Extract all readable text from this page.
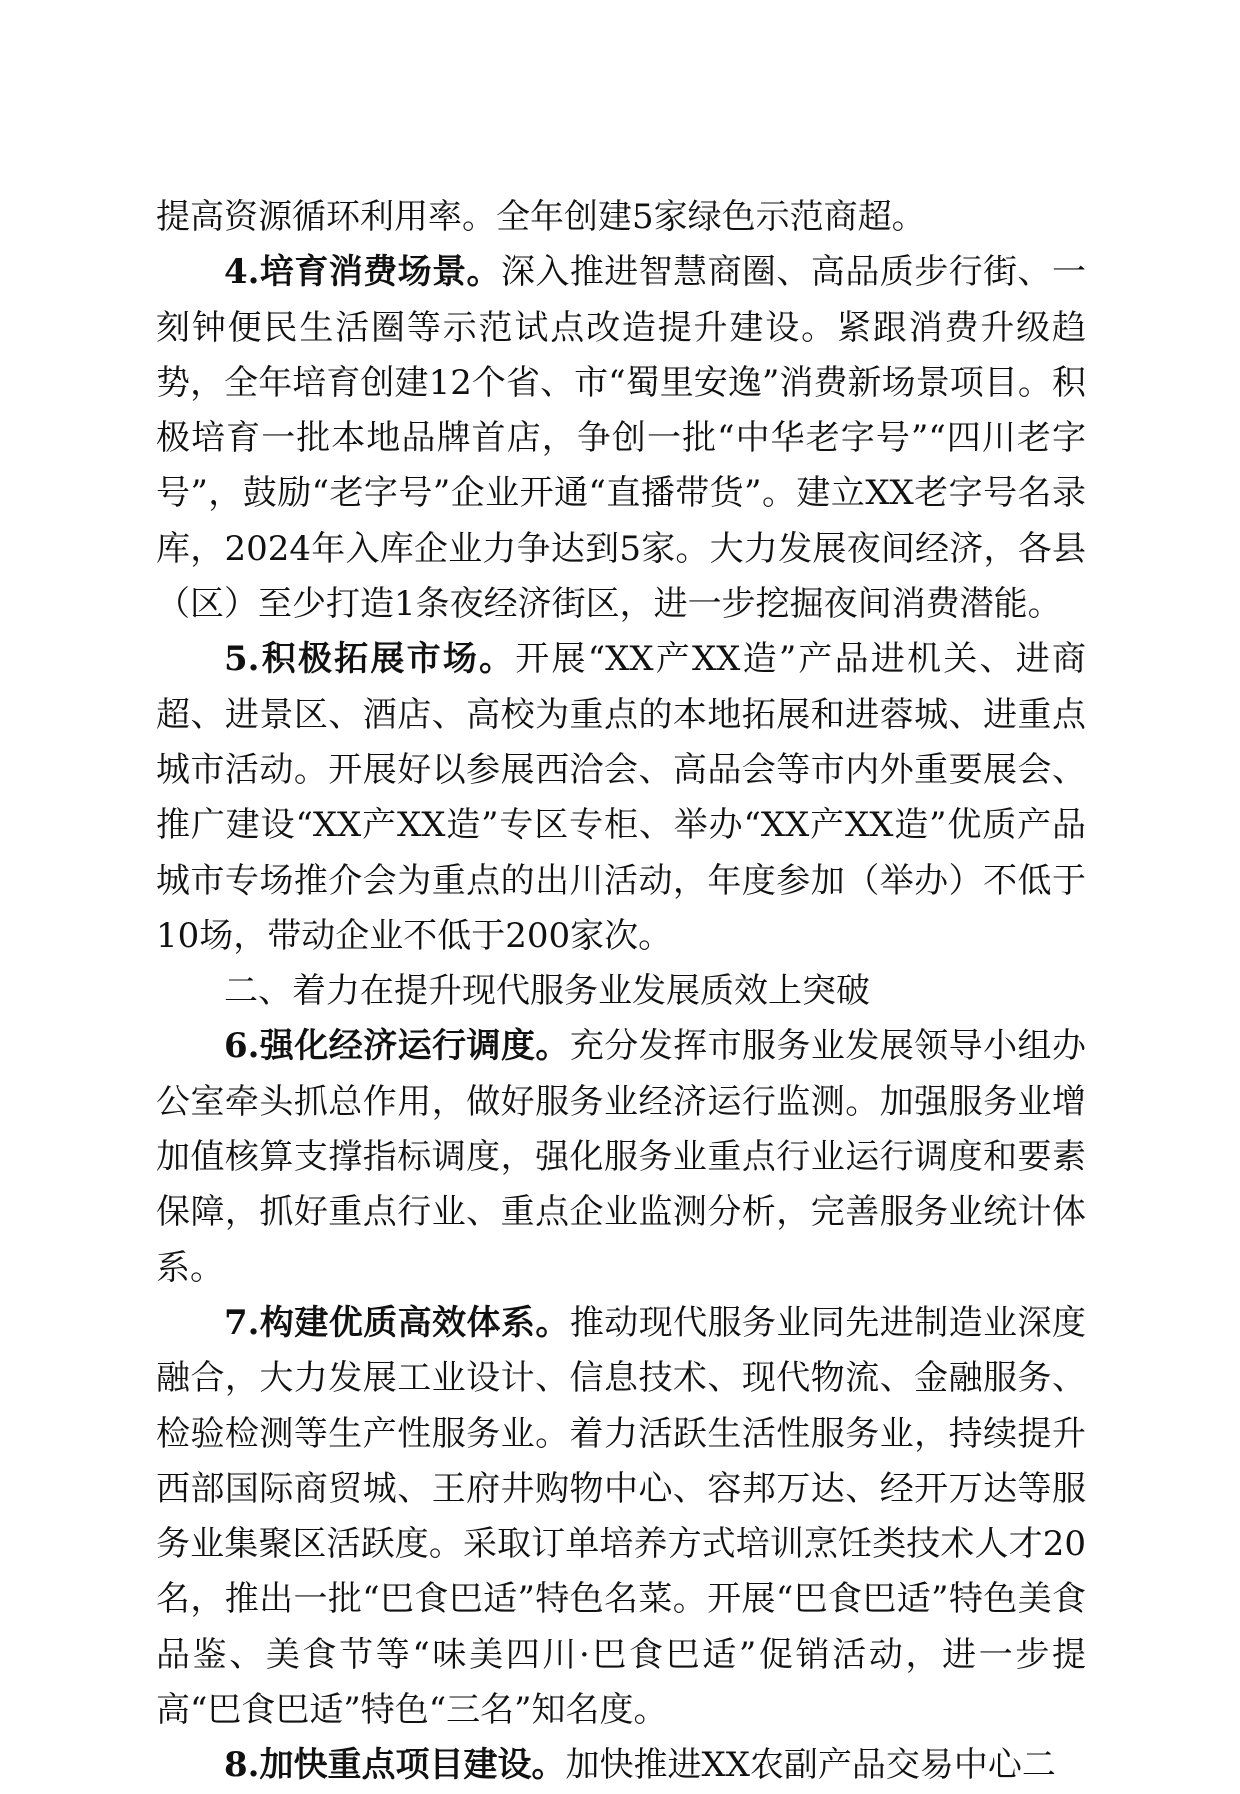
提高资源循环利用率。全年创建5家绿色示范商超。

4.培育消费场景。深入推进智慧商圈、高品质步行街、一刻钟便民生活圈等示范试点改造提升建设。紧跟消费升级趋势，全年培育创建12个省、市“蜀里安逸”消费新场景项目。积极培育一批本地品牌首店，争创一批“中华老字号”“四川老字号”，鼓励“老字号”企业开通“直播带货”。建立XX老字号名录库，2024年入库企业力争达到5家。大力发展夜间经济，各县（区）至少打造1条夜经济街区，进一步挖掘夜间消费潜能。

5.积极拓展市场。开展“XX产XX造”产品进机关、进商超、进景区、酒店、高校为重点的本地拓展和进蓉城、进重点城市活动。开展好以参展西洽会、高品会等市内外重要展会、推广建设“XX产XX造”专区专柜、举办“XX产XX造”优质产品城市专场推介会为重点的出川活动，年度参加（举办）不低于10场，带动企业不低于200家次。

二、着力在提升现代服务业发展质效上突破

6.强化经济运行调度。充分发挥市服务业发展领导小组办公室牵头抓总作用，做好服务业经济运行监测。加强服务业增加值核算支撑指标调度，强化服务业重点行业运行调度和要素保障，抓好重点行业、重点企业监测分析，完善服务业统计体系。

7.构建优质高效体系。推动现代服务业同先进制造业深度融合，大力发展工业设计、信息技术、现代物流、金融服务、检验检测等生产性服务业。着力活跃生活性服务业，持续提升西部国际商贸城、王府井购物中心、容邦万达、经开万达等服务业集聚区活跃度。采取订单培养方式培训烹饪类技术人才20名，推出一批“巴食巴适”特色名菜。开展“巴食巴适”特色美食品鉴、美食节等“味美四川·巴食巴适”促销活动，进一步提高“巴食巴适”特色“三名”知名度。

8.加快重点项目建设。加快推进XX农副产品交易中心二
